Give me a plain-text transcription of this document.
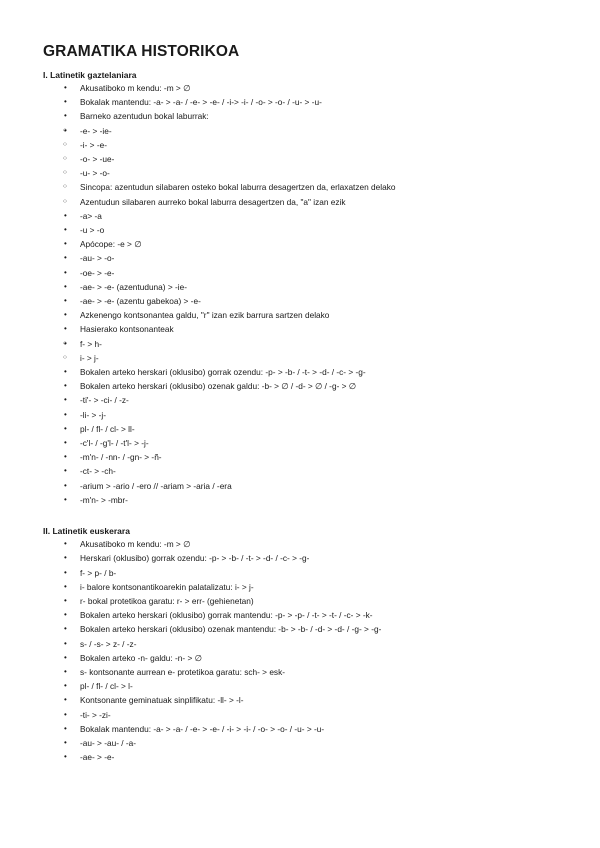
GRAMATIKA HISTORIKOA
I. Latinetik gaztelaniara
• Akusatiboko m kendu: -m > ∅
• Bokalak mantendu: -a- > -a- / -e- > -e- / -i-> -i- / -o- > -o- / -u- > -u-
• Barneko azentudun bokal laburrak:
○ • -e- > -ie-
○ -i- > -e-
○ -o- > -ue-
○ -u- > -o-
○ Sincopa: azentudun silabaren osteko bokal laburra desagertzen da, erlaxatzen delako
○ Azentudun silabaren aurreko bokal laburra desagertzen da, "a" izan ezik
• -a> -a
• -u > -o
• Apócope: -e > ∅
• -au- > -o-
• -oe- > -e-
• -ae- > -e- (azentuduna) > -ie-
• -ae- > -e- (azentu gabekoa) > -e-
• Azkenengo kontsonantea galdu, "r" izan ezik barrura sartzen delako
• Hasierako kontsonanteak
○ • f- > h-
○ i- > j-
• Bokalen arteko herskari (oklusibo) gorrak ozendu: -p- > -b- / -t- > -d- / -c- > -g-
• Bokalen arteko herskari (oklusibo) ozenak galdu: -b- > ∅ / -d- > ∅ / -g- > ∅
• -ti'- > -ci- / -z-
• -li- > -j-
• pl- / fl- / cl- > ll-
• -c'l- / -g'l- / -t'l- > -j-
• -m'n- / -nn- / -gn- > -ñ-
• -ct- > -ch-
• -arium > -ario / -ero // -ariam > -aria / -era
• -m'n- > -mbr-
II. Latinetik euskerara
• Akusatiboko m kendu: -m > ∅
• Herskari (oklusibo) gorrak ozendu: -p- > -b- / -t- > -d- / -c- > -g-
• f- > p- / b-
• i- balore kontsonantikoarekin palatalizatu: i- > j-
• r- bokal protetikoa garatu: r- > err- (gehienetan)
• Bokalen arteko herskari (oklusibo) gorrak mantendu: -p- > -p- / -t- > -t- / -c- > -k-
• Bokalen arteko herskari (oklusibo) ozenak mantendu: -b- > -b- / -d- > -d- / -g- > -g-
• s- / -s- > z- / -z-
• Bokalen arteko -n- galdu: -n- > ∅
• s- kontsonante aurrean e- protetikoa garatu: sch- > esk-
• pl- / fl- / cl- > l-
• Kontsonante geminatuak sinplifikatu: -ll- > -l-
• -ti- > -zi-
• Bokalak mantendu: -a- > -a- / -e- > -e- / -i- > -i- / -o- > -o- / -u- > -u-
• -au- > -au- / -a-
• -ae- > -e-
